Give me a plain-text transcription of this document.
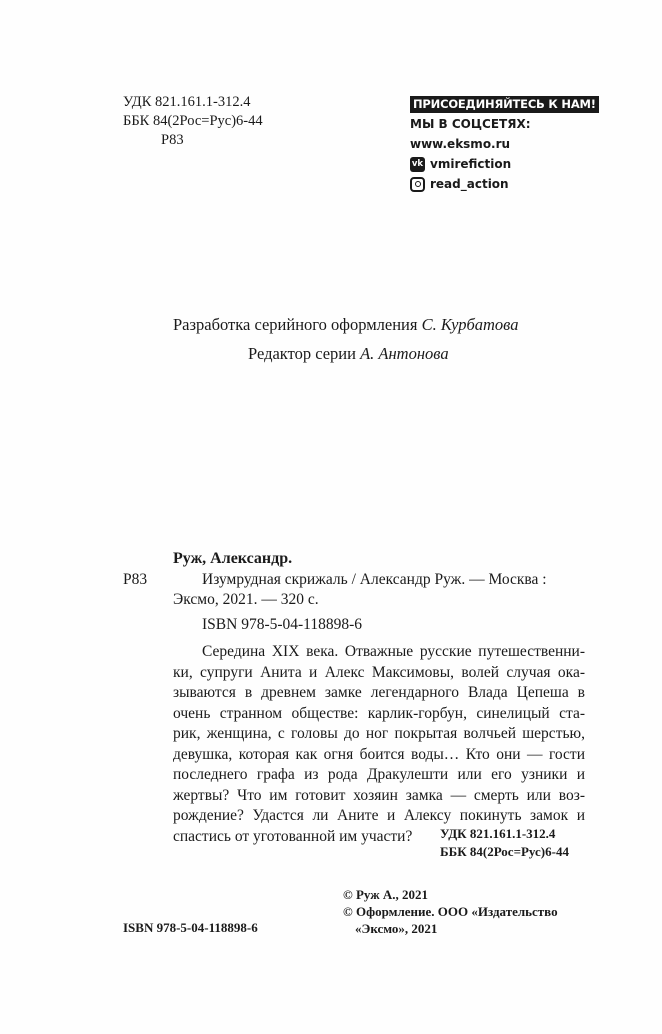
УДК 821.161.1-312.4
ББК 84(2Рос=Рус)6-44
Р83
ПРИСОЕДИНЯЙТЕСЬ К НАМ!
МЫ В СОЦСЕТЯХ:
www.eksmo.ru
vk vmirefiction
read_action
Разработка серийного оформления С. Курбатова
Редактор серии А. Антонова
Руж, Александр.
Р83	Изумрудная скрижаль / Александр Руж. — Москва :
Эксмо, 2021. — 320 с.
ISBN 978-5-04-118898-6
Середина XIX века. Отважные русские путешественни-
ки, супруги Анита и Алекс Максимовы, волей случая ока-
зываются в древнем замке легендарного Влада Цепеша в
очень странном обществе: карлик-горбун, синелицый ста-
рик, женщина, с головы до ног покрытая волчьей шерстью,
девушка, которая как огня боится воды… Кто они — гости
последнего графа из рода Дракулешти или его узники и
жертвы? Что им готовит хозяин замка — смерть или воз-
рождение? Удастся ли Аните и Алексу покинуть замок и
спастись от уготованной им участи?	УДК 821.161.1-312.4
ББК 84(2Рос=Рус)6-44
ISBN 978-5-04-118898-6
© Руж А., 2021
© Оформление. ООО «Издательство
«Эксмо», 2021
